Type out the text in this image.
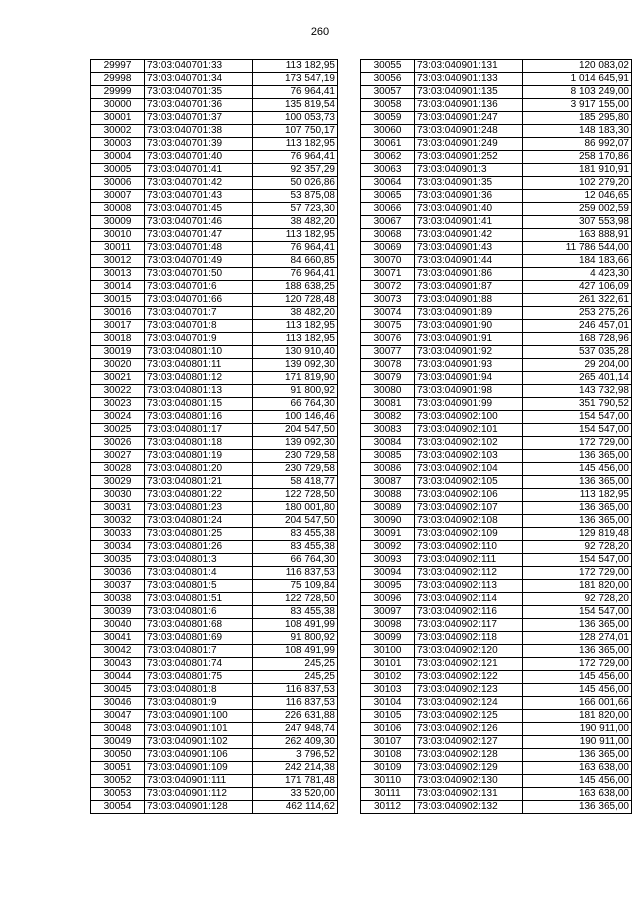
260
29997	73:03:040701:33	113 182,95
29998	73:03:040701:34	173 547,19
29999	73:03:040701:35	76 964,41
30000	73:03:040701:36	135 819,54
30001	73:03:040701:37	100 053,73
30002	73:03:040701:38	107 750,17
30003	73:03:040701:39	113 182,95
30004	73:03:040701:40	76 964,41
30005	73:03:040701:41	92 357,29
30006	73:03:040701:42	50 026,86
30007	73:03:040701:43	53 875,08
30008	73:03:040701:45	57 723,30
30009	73:03:040701:46	38 482,20
30010	73:03:040701:47	113 182,95
30011	73:03:040701:48	76 964,41
30012	73:03:040701:49	84 660,85
30013	73:03:040701:50	76 964,41
30014	73:03:040701:6	188 638,25
30015	73:03:040701:66	120 728,48
30016	73:03:040701:7	38 482,20
30017	73:03:040701:8	113 182,95
30018	73:03:040701:9	113 182,95
30019	73:03:040801:10	130 910,40
30020	73:03:040801:11	139 092,30
30021	73:03:040801:12	171 819,90
30022	73:03:040801:13	91 800,92
30023	73:03:040801:15	66 764,30
30024	73:03:040801:16	100 146,46
30025	73:03:040801:17	204 547,50
30026	73:03:040801:18	139 092,30
30027	73:03:040801:19	230 729,58
30028	73:03:040801:20	230 729,58
30029	73:03:040801:21	58 418,77
30030	73:03:040801:22	122 728,50
30031	73:03:040801:23	180 001,80
30032	73:03:040801:24	204 547,50
30033	73:03:040801:25	83 455,38
30034	73:03:040801:26	83 455,38
30035	73:03:040801:3	66 764,30
30036	73:03:040801:4	116 837,53
30037	73:03:040801:5	75 109,84
30038	73:03:040801:51	122 728,50
30039	73:03:040801:6	83 455,38
30040	73:03:040801:68	108 491,99
30041	73:03:040801:69	91 800,92
30042	73:03:040801:7	108 491,99
30043	73:03:040801:74	245,25
30044	73:03:040801:75	245,25
30045	73:03:040801:8	116 837,53
30046	73:03:040801:9	116 837,53
30047	73:03:040901:100	226 631,88
30048	73:03:040901:101	247 948,74
30049	73:03:040901:102	262 409,30
30050	73:03:040901:106	3 796,52
30051	73:03:040901:109	242 214,38
30052	73:03:040901:111	171 781,48
30053	73:03:040901:112	33 520,00
30054	73:03:040901:128	462 114,62
30055	73:03:040901:131	120 083,02
30056	73:03:040901:133	1 014 645,91
30057	73:03:040901:135	8 103 249,00
30058	73:03:040901:136	3 917 155,00
30059	73:03:040901:247	185 295,80
30060	73:03:040901:248	148 183,30
30061	73:03:040901:249	86 992,07
30062	73:03:040901:252	258 170,86
30063	73:03:040901:3	181 910,91
30064	73:03:040901:35	102 279,20
30065	73:03:040901:36	12 046,65
30066	73:03:040901:40	259 002,59
30067	73:03:040901:41	307 553,98
30068	73:03:040901:42	163 888,91
30069	73:03:040901:43	11 786 544,00
30070	73:03:040901:44	184 183,66
30071	73:03:040901:86	4 423,30
30072	73:03:040901:87	427 106,09
30073	73:03:040901:88	261 322,61
30074	73:03:040901:89	253 275,26
30075	73:03:040901:90	246 457,01
30076	73:03:040901:91	168 728,96
30077	73:03:040901:92	537 035,28
30078	73:03:040901:93	29 204,00
30079	73:03:040901:94	265 401,14
30080	73:03:040901:98	143 732,98
30081	73:03:040901:99	351 790,52
30082	73:03:040902:100	154 547,00
30083	73:03:040902:101	154 547,00
30084	73:03:040902:102	172 729,00
30085	73:03:040902:103	136 365,00
30086	73:03:040902:104	145 456,00
30087	73:03:040902:105	136 365,00
30088	73:03:040902:106	113 182,95
30089	73:03:040902:107	136 365,00
30090	73:03:040902:108	136 365,00
30091	73:03:040902:109	129 819,48
30092	73:03:040902:110	92 728,20
30093	73:03:040902:111	154 547,00
30094	73:03:040902:112	172 729,00
30095	73:03:040902:113	181 820,00
30096	73:03:040902:114	92 728,20
30097	73:03:040902:116	154 547,00
30098	73:03:040902:117	136 365,00
30099	73:03:040902:118	128 274,01
30100	73:03:040902:120	136 365,00
30101	73:03:040902:121	172 729,00
30102	73:03:040902:122	145 456,00
30103	73:03:040902:123	145 456,00
30104	73:03:040902:124	166 001,66
30105	73:03:040902:125	181 820,00
30106	73:03:040902:126	190 911,00
30107	73:03:040902:127	190 911,00
30108	73:03:040902:128	136 365,00
30109	73:03:040902:129	163 638,00
30110	73:03:040902:130	145 456,00
30111	73:03:040902:131	163 638,00
30112	73:03:040902:132	136 365,00
